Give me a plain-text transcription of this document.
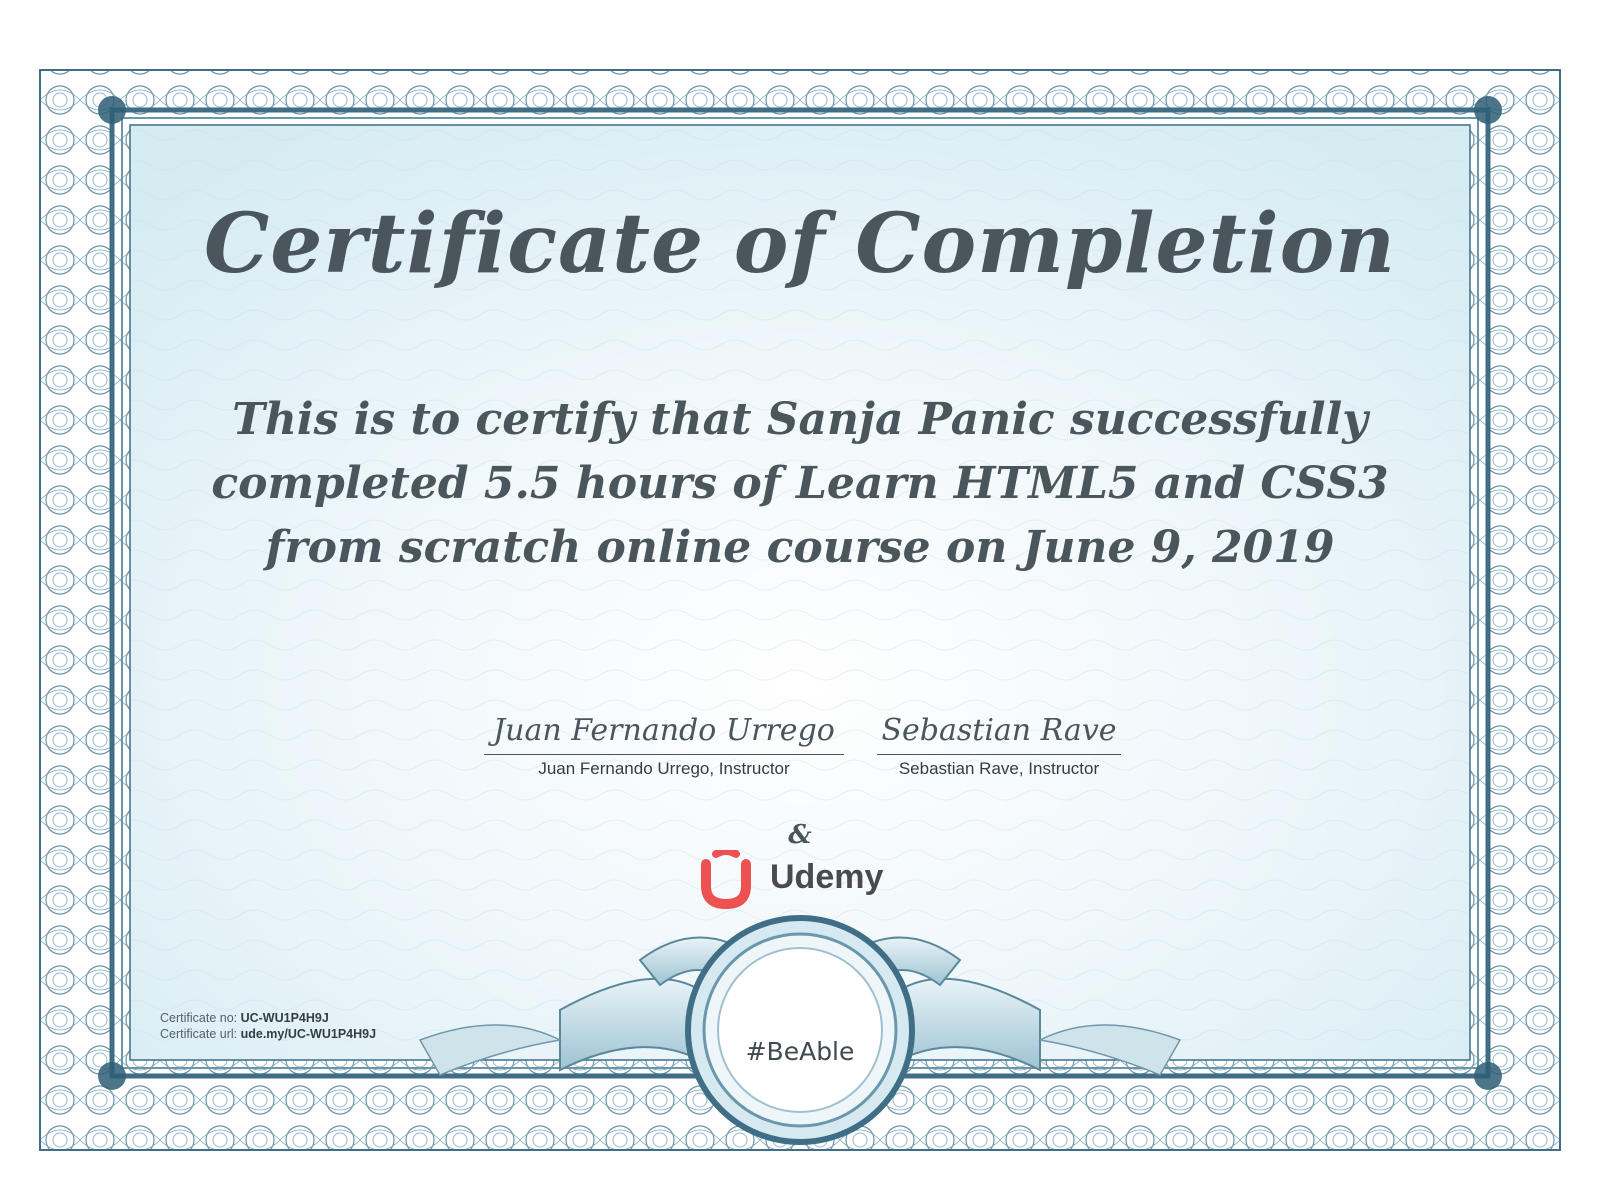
Certificate of Completion
This is to certify that Sanja Panic successfully
completed 5.5 hours of Learn HTML5 and CSS3
from scratch online course on June 9, 2019
Juan Fernando Urrego
Juan Fernando Urrego, Instructor
Sebastian Rave
Sebastian Rave, Instructor
&
Udemy
Certificate no: UC-WU1P4H9J
Certificate url: ude.my/UC-WU1P4H9J
#BeAble
